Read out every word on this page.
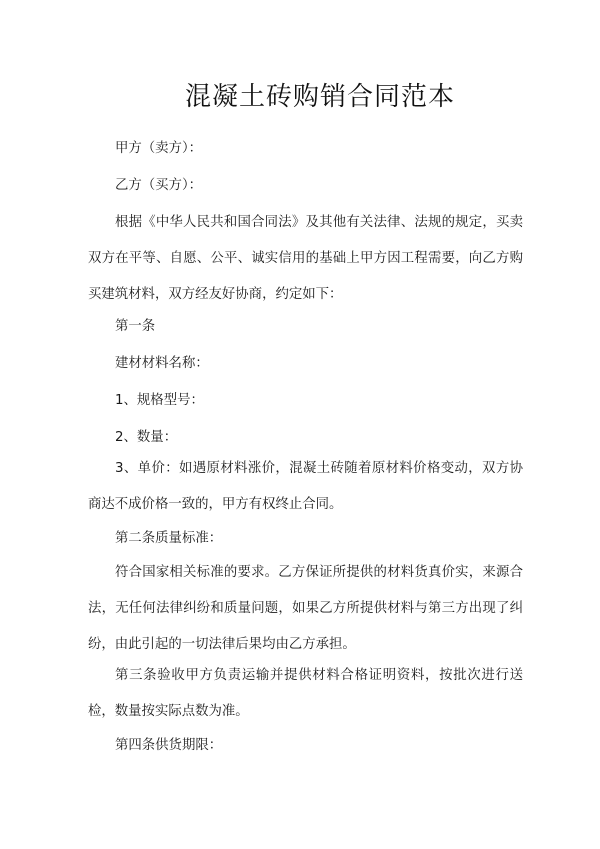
混凝土砖购销合同范本

甲方（卖方）：

乙方（买方）：

根据《中华人民共和国合同法》及其他有关法律、法规的规定，买卖双方在平等、自愿、公平、诚实信用的基础上甲方因工程需要，向乙方购买建筑材料，双方经友好协商，约定如下：

第一条

建材材料名称：

1、规格型号：

2、数量：

3、单价：如遇原材料涨价，混凝土砖随着原材料价格变动，双方协商达不成价格一致的，甲方有权终止合同。

第二条质量标准：

符合国家相关标准的要求。乙方保证所提供的材料货真价实，来源合法，无任何法律纠纷和质量问题，如果乙方所提供材料与第三方出现了纠纷，由此引起的一切法律后果均由乙方承担。

第三条验收甲方负责运输并提供材料合格证明资料，按批次进行送检，数量按实际点数为准。

第四条供货期限：
